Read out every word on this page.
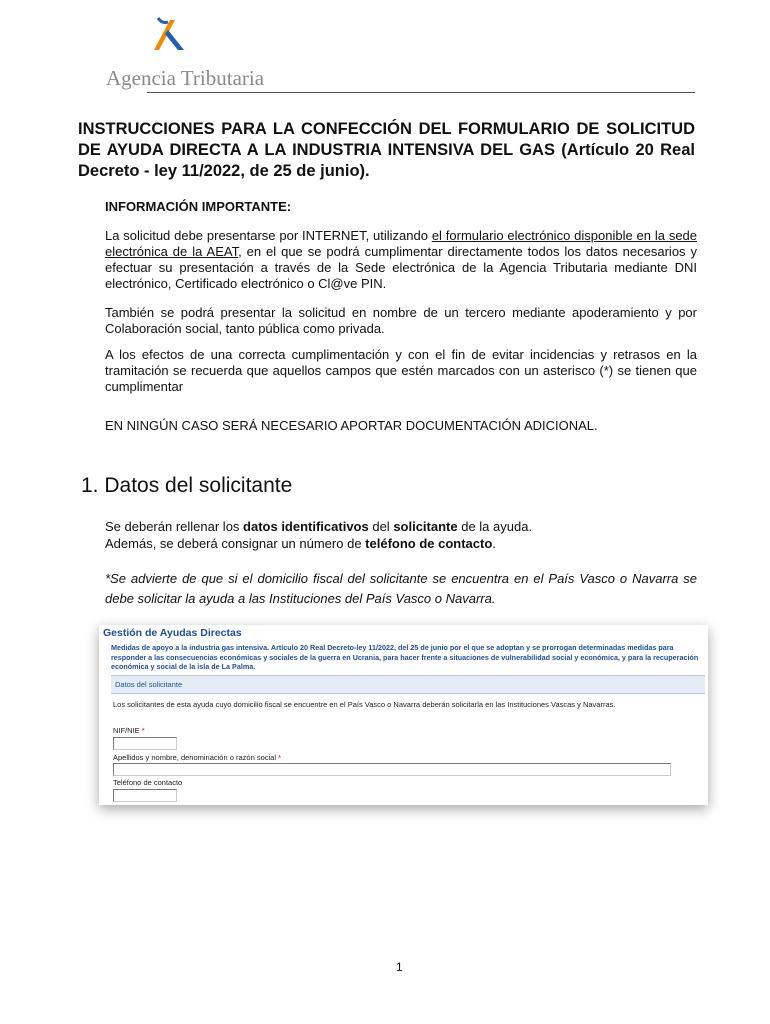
Agencia Tributaria
INSTRUCCIONES PARA LA CONFECCIÓN DEL FORMULARIO DE SOLICITUD DE AYUDA DIRECTA A LA INDUSTRIA INTENSIVA DEL GAS (Artículo 20 Real Decreto - ley 11/2022, de 25 de junio).

INFORMACIÓN IMPORTANTE:

La solicitud debe presentarse por INTERNET, utilizando el formulario electrónico disponible en la sede electrónica de la AEAT, en el que se podrá cumplimentar directamente todos los datos necesarios y efectuar su presentación a través de la Sede electrónica de la Agencia Tributaria mediante DNI electrónico, Certificado electrónico o Cl@ve PIN.

También se podrá presentar la solicitud en nombre de un tercero mediante apoderamiento y por Colaboración social, tanto pública como privada.

A los efectos de una correcta cumplimentación y con el fin de evitar incidencias y retrasos en la tramitación se recuerda que aquellos campos que estén marcados con un asterisco (*) se tienen que cumplimentar

EN NINGÚN CASO SERÁ NECESARIO APORTAR DOCUMENTACIÓN ADICIONAL.

1. Datos del solicitante

Se deberán rellenar los datos identificativos del solicitante de la ayuda.
Además, se deberá consignar un número de teléfono de contacto.

*Se advierte de que si el domicilio fiscal del solicitante se encuentra en el País Vasco o Navarra se debe solicitar la ayuda a las Instituciones del País Vasco o Navarra.

Gestión de Ayudas Directas

Medidas de apoyo a la industria gas intensiva. Artículo 20 Real Decreto-ley 11/2022, del 25 de junio por el que se adoptan y se prorrogan determinadas medidas para responder a las consecuencias económicas y sociales de la guerra en Ucrania, para hacer frente a situaciones de vulnerabilidad social y económica, y para la recuperación económica y social de la isla de La Palma.

Datos del solicitante

Los solicitantes de esta ayuda cuyo domicilio fiscal se encuentre en el País Vasco o Navarra deberán solicitarla en las Instituciones Vascas y Navarras.

NIF/NIE *
Apellidos y nombre, denominación o razón social *
Teléfono de contacto
1
